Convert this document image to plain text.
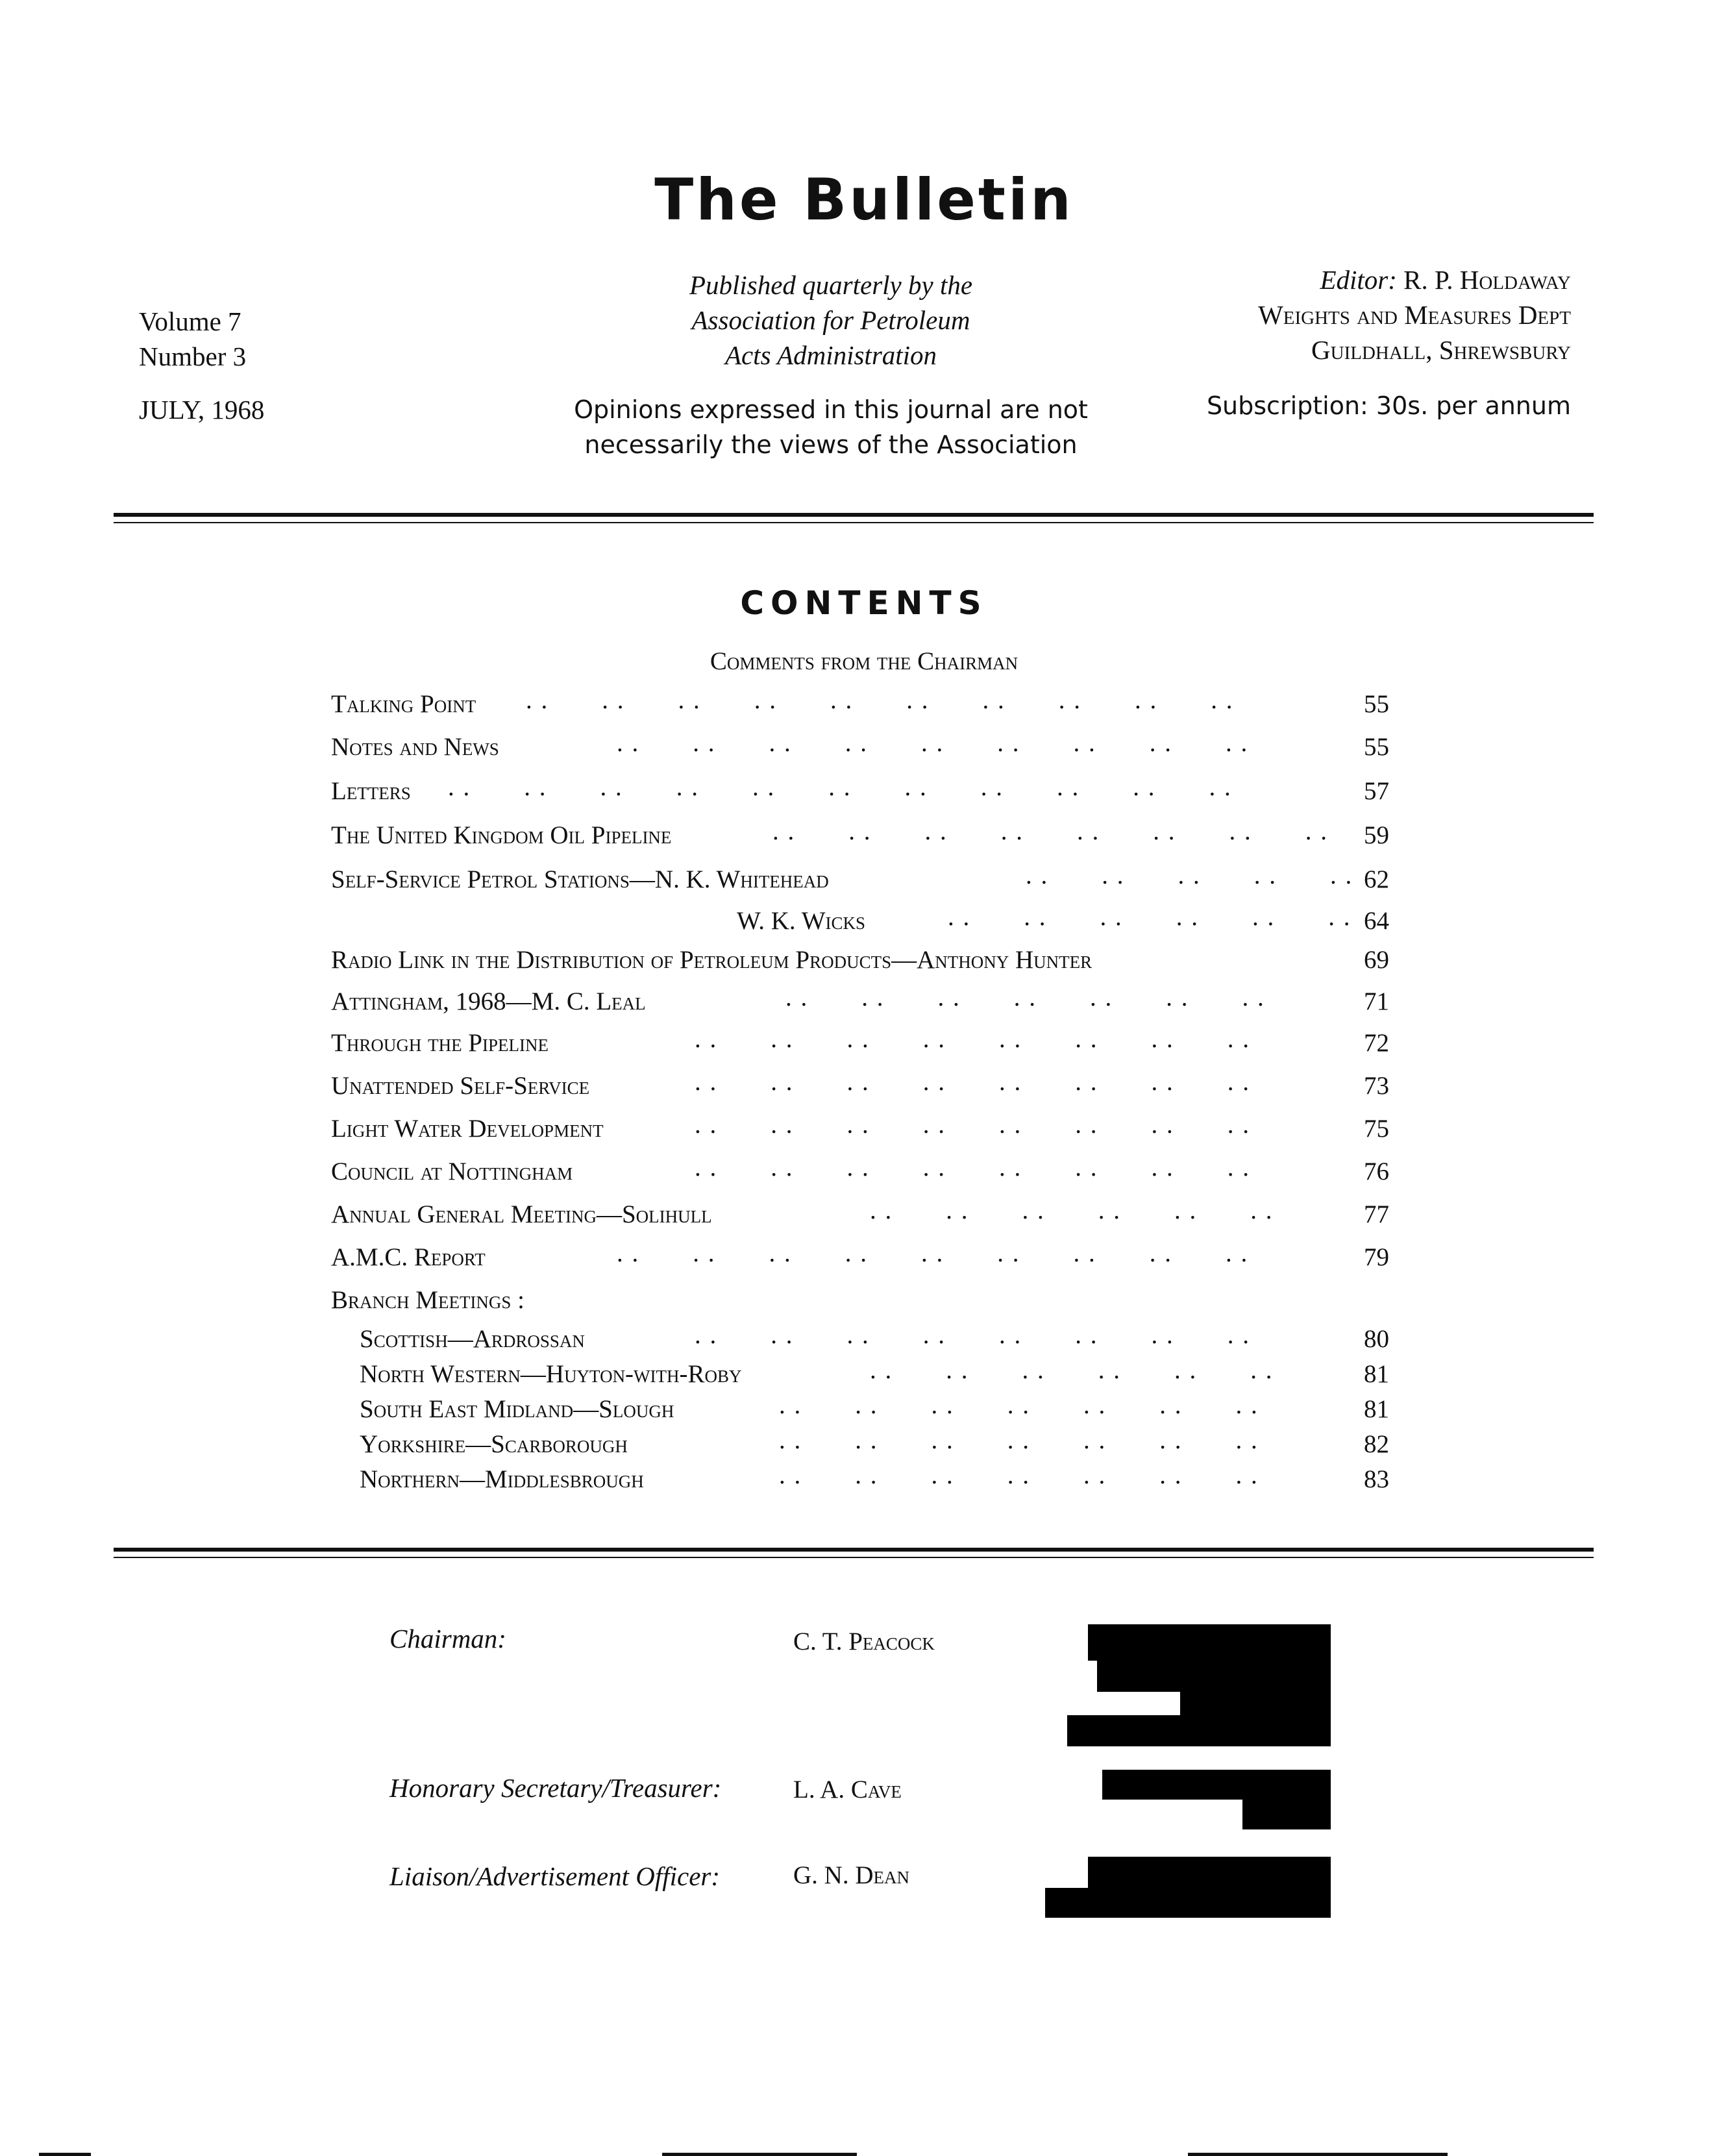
The Bulletin
Volume 7
Number 3
JULY, 1968
Published quarterly by the
Association for Petroleum
Acts Administration
Opinions expressed in this journal are not
necessarily the views of the Association
Editor: R. P. Holdaway
Weights and Measures Dept
Guildhall, Shrewsbury
Subscription: 30s. per annum
CONTENTS
Comments from the Chairman
Talking Point . .  . .  . .  . .  . .  . .  . .  . .  . .  . .	55
Notes and News	. .  . .  . .  . .  . .  . .  . .  . .  . .	55
Letters . .  . .  . .  . .  . .  . .  . .  . .  . .  . .  . .	57
The United Kingdom Oil Pipeline	. .  . .  . .  . .  . .  . .  . .  . .	59
Self-Service Petrol Stations—N. K. Whitehead	. .  . .  . .  . .  . . 62
W. K. Wicks	. .  . .  . .  . .  . .  . . 64
Radio Link in the Distribution of Petroleum Products—Anthony Hunter	69
Attingham, 1968—M. C. Leal	. .  . .  . .  . .  . .  . .  . .	71
Through the Pipeline	. .  . .  . .  . .  . .  . .  . .  . .	72
Unattended Self-Service	. .  . .  . .  . .  . .  . .  . .  . .	73
Light Water Development	. .  . .  . .  . .  . .  . .  . .  . .	75
Council at Nottingham	. .  . .  . .  . .  . .  . .  . .  . .	76
Annual General Meeting—Solihull	. .  . .  . .  . .  . .  . .	77
A.M.C. Report	. .  . .  . .  . .  . .  . .  . .  . .  . .	79
Branch Meetings :
Scottish—Ardrossan	. .  . .  . .  . .  . .  . .  . .  . .	80
North Western—Huyton-with-Roby	. .  . .  . .  . .  . .  . .	81
South East Midland—Slough	. .  . .  . .  . .  . .  . .  . .	81
Yorkshire—Scarborough	. .  . .  . .  . .  . .  . .  . .	82
Northern—Middlesbrough	. .  . .  . .  . .  . .  . .  . .	83
Chairman:	C. T. Peacock
Honorary Secretary/Treasurer:	L. A. Cave
Liaison/Advertisement Officer:	G. N. Dean
